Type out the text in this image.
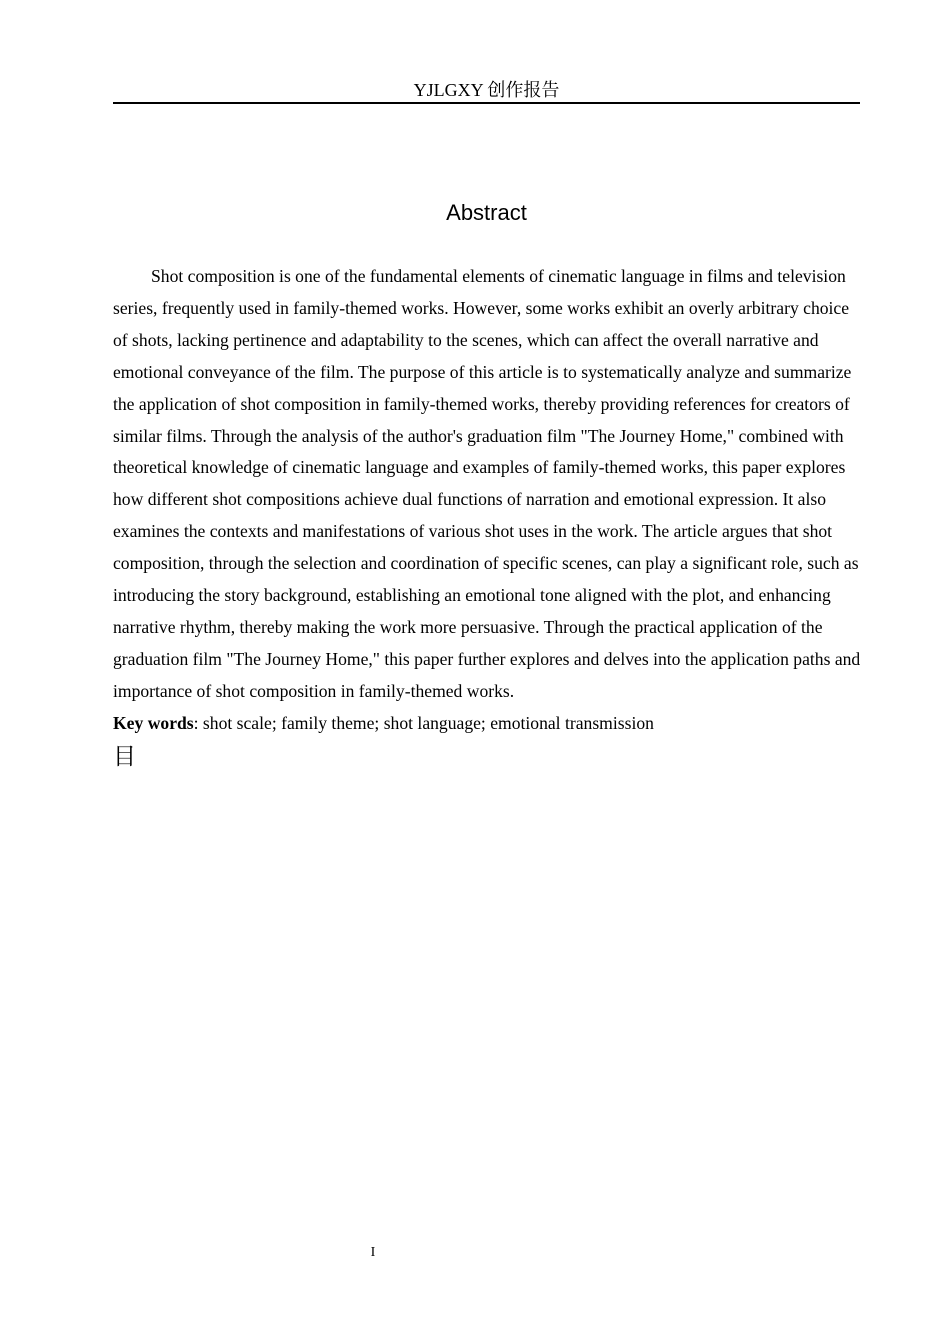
YJLGXY 创作报告
Abstract

Shot composition is one of the fundamental elements of cinematic language in films and television series, frequently used in family-themed works. However, some works exhibit an overly arbitrary choice of shots, lacking pertinence and adaptability to the scenes, which can affect the overall narrative and emotional conveyance of the film. The purpose of this article is to systematically analyze and summarize the application of shot composition in family-themed works, thereby providing references for creators of similar films. Through the analysis of the author's graduation film "The Journey Home," combined with theoretical knowledge of cinematic language and examples of family-themed works, this paper explores how different shot compositions achieve dual functions of narration and emotional expression. It also examines the contexts and manifestations of various shot uses in the work. The article argues that shot composition, through the selection and coordination of specific scenes, can play a significant role, such as introducing the story background, establishing an emotional tone aligned with the plot, and enhancing narrative rhythm, thereby making the work more persuasive. Through the practical application of the graduation film "The Journey Home," this paper further explores and delves into the application paths and importance of shot composition in family-themed works.

Key words: shot scale; family theme; shot language; emotional transmission

目

I
